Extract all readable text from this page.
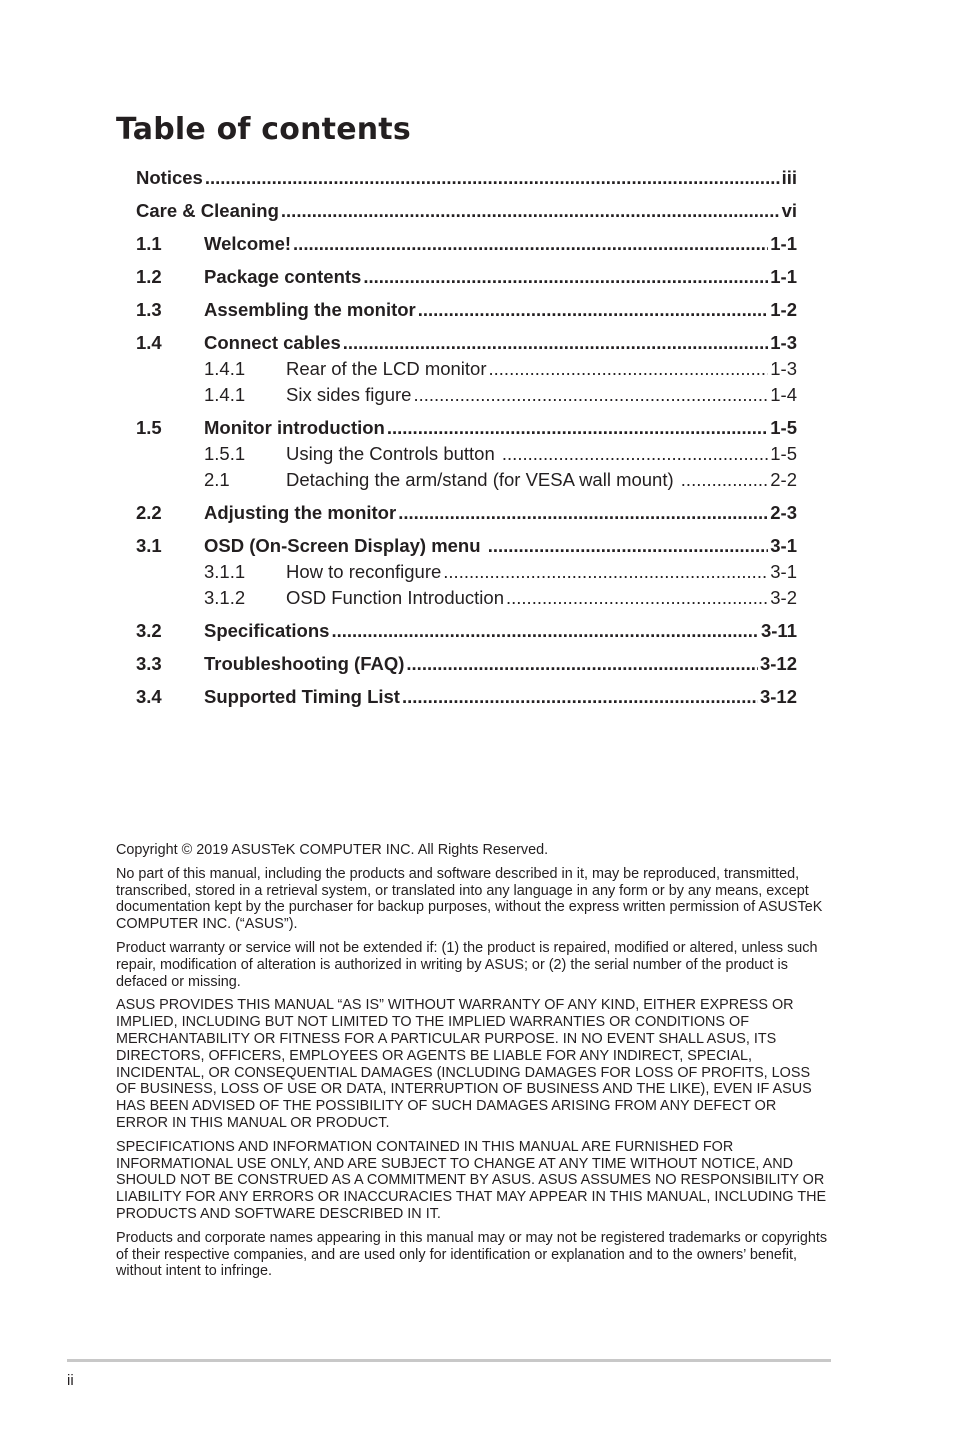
Table of contents
Notices .....	iii
Care & Cleaning .....	vi
1.1	Welcome! .....	1-1
1.2	Package contents .....	1-1
1.3	Assembling the monitor .....	1-2
1.4	Connect cables .....	1-3
1.4.1	Rear of the LCD monitor .....	1-3
1.4.1	Six sides figure .....	1-4
1.5	Monitor introduction .....	1-5
1.5.1	Using the Controls button .....	1-5
2.1	Detaching the arm/stand (for VESA wall mount) .....	2-2
2.2	Adjusting the monitor .....	2-3
3.1	OSD (On-Screen Display) menu .....	3-1
3.1.1	How to reconfigure .....	3-1
3.1.2	OSD Function Introduction .....	3-2
3.2	Specifications .....	3-11
3.3	Troubleshooting (FAQ) .....	3-12
3.4	Supported Timing List .....	3-12

Copyright © 2019 ASUSTeK COMPUTER INC. All Rights Reserved.

No part of this manual, including the products and software described in it, may be reproduced, transmitted, transcribed, stored in a retrieval system, or translated into any language in any form or by any means, except documentation kept by the purchaser for backup purposes, without the express written permission of ASUSTeK COMPUTER INC. (“ASUS”).

Product warranty or service will not be extended if: (1) the product is repaired, modified or altered, unless such repair, modification of alteration is authorized in writing by ASUS; or (2) the serial number of the product is defaced or missing.

ASUS PROVIDES THIS MANUAL “AS IS” WITHOUT WARRANTY OF ANY KIND, EITHER EXPRESS OR IMPLIED, INCLUDING BUT NOT LIMITED TO THE IMPLIED WARRANTIES OR CONDITIONS OF MERCHANTABILITY OR FITNESS FOR A PARTICULAR PURPOSE. IN NO EVENT SHALL ASUS, ITS DIRECTORS, OFFICERS, EMPLOYEES OR AGENTS BE LIABLE FOR ANY INDIRECT, SPECIAL, INCIDENTAL, OR CONSEQUENTIAL DAMAGES (INCLUDING DAMAGES FOR LOSS OF PROFITS, LOSS OF BUSINESS, LOSS OF USE OR DATA, INTERRUPTION OF BUSINESS AND THE LIKE), EVEN IF ASUS HAS BEEN ADVISED OF THE POSSIBILITY OF SUCH DAMAGES ARISING FROM ANY DEFECT OR ERROR IN THIS MANUAL OR PRODUCT.

SPECIFICATIONS AND INFORMATION CONTAINED IN THIS MANUAL ARE FURNISHED FOR INFORMATIONAL USE ONLY, AND ARE SUBJECT TO CHANGE AT ANY TIME WITHOUT NOTICE, AND SHOULD NOT BE CONSTRUED AS A COMMITMENT BY ASUS. ASUS ASSUMES NO RESPONSIBILITY OR LIABILITY FOR ANY ERRORS OR INACCURACIES THAT MAY APPEAR IN THIS MANUAL, INCLUDING THE PRODUCTS AND SOFTWARE DESCRIBED IN IT.

Products and corporate names appearing in this manual may or may not be registered trademarks or copyrights of their respective companies, and are used only for identification or explanation and to the owners’ benefit, without intent to infringe.

ii
